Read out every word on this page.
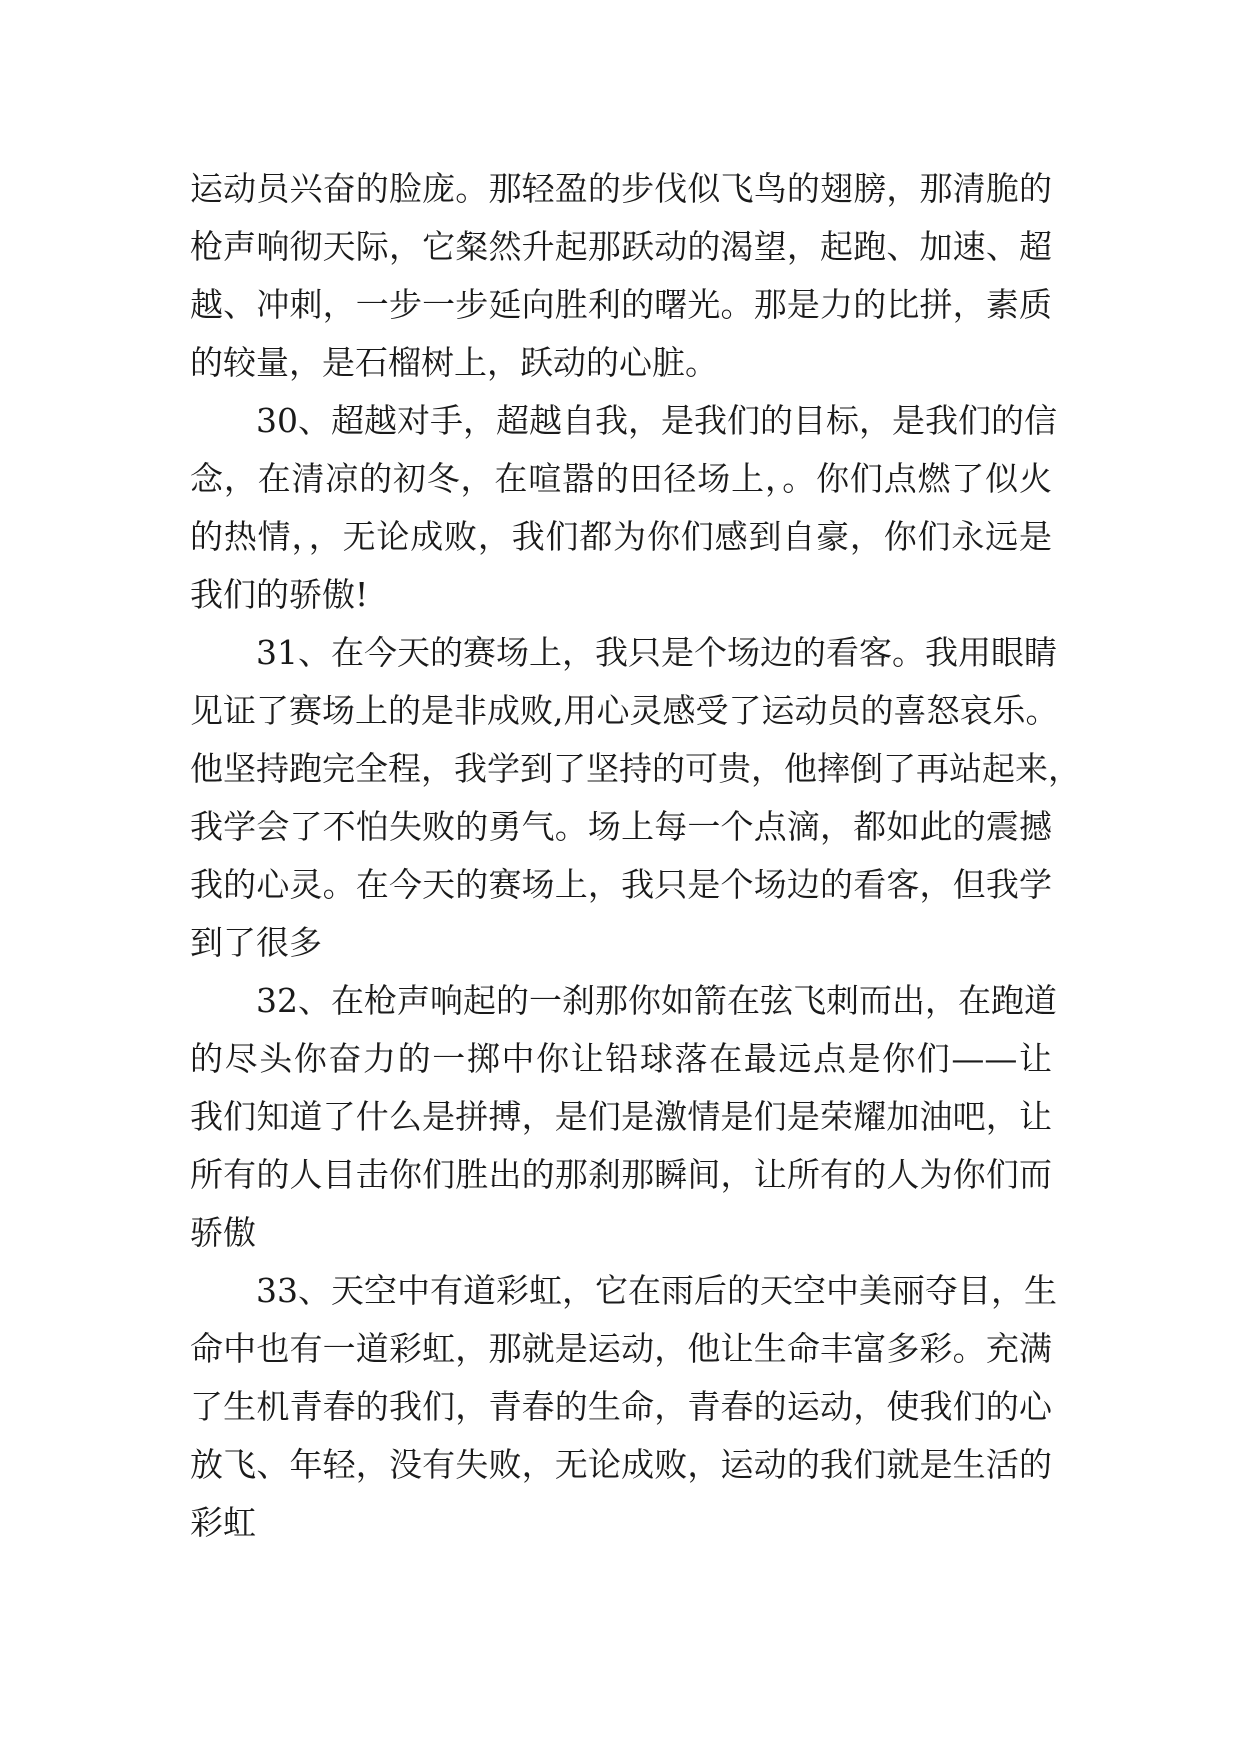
运动员兴奋的脸庞。那轻盈的步伐似飞鸟的翅膀，那清脆的
枪声响彻天际，它粲然升起那跃动的渴望，起跑、加速、超
越、冲刺，一步一步延向胜利的曙光。那是力的比拼，素质
的较量，是石榴树上，跃动的心脏。
30、超越对手，超越自我，是我们的目标，是我们的信
念，在清凉的初冬，在喧嚣的田径场上，。你们点燃了似火
的热情，，无论成败，我们都为你们感到自豪，你们永远是
我们的骄傲!
31、在今天的赛场上，我只是个场边的看客。我用眼睛
见证了赛场上的是非成败,用心灵感受了运动员的喜怒哀乐。
他坚持跑完全程，我学到了坚持的可贵，他摔倒了再站起来，
我学会了不怕失败的勇气。场上每一个点滴，都如此的震撼
我的心灵。在今天的赛场上，我只是个场边的看客，但我学
到了很多
32、在枪声响起的一刹那你如箭在弦飞刺而出，在跑道
的尽头你奋力的一掷中你让铅球落在最远点是你们——让
我们知道了什么是拼搏，是们是激情是们是荣耀加油吧，让
所有的人目击你们胜出的那刹那瞬间，让所有的人为你们而
骄傲
33、天空中有道彩虹，它在雨后的天空中美丽夺目，生
命中也有一道彩虹，那就是运动，他让生命丰富多彩。充满
了生机青春的我们，青春的生命，青春的运动，使我们的心
放飞、年轻，没有失败，无论成败，运动的我们就是生活的
彩虹
